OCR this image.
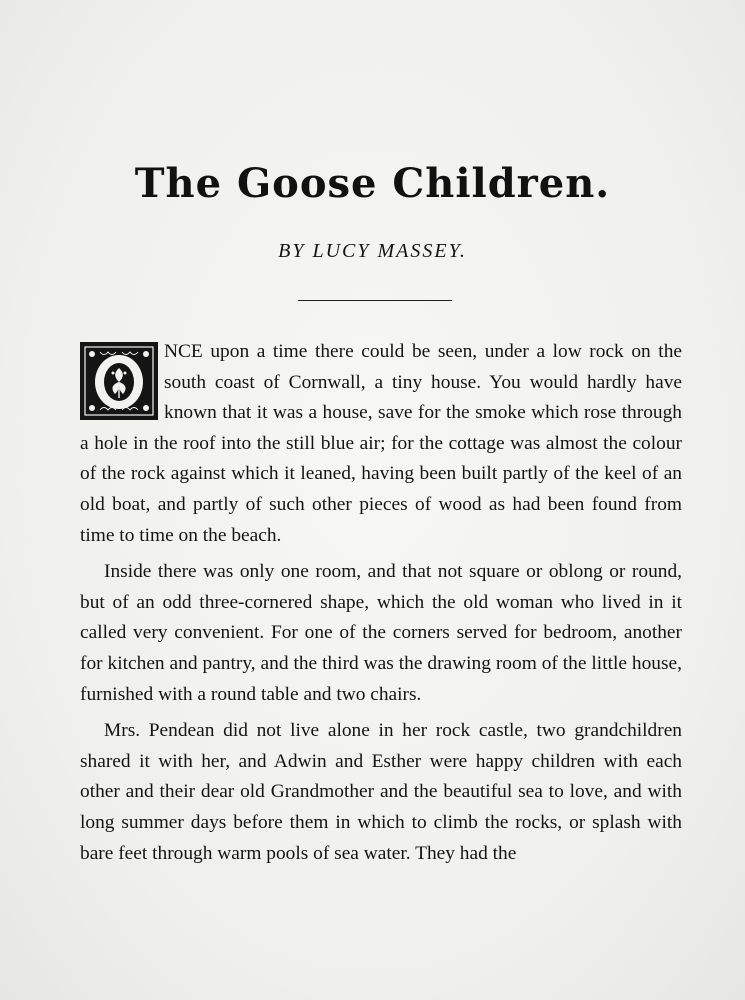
The Goose Children.
BY LUCY MASSEY.

NCE upon a time there could be seen, under a low rock on the south coast of Cornwall, a tiny house. You would hardly have known that it was a house, save for the smoke which rose through a hole in the roof into the still blue air; for the cottage was almost the colour of the rock against which it leaned, having been built partly of the keel of an old boat, and partly of such other pieces of wood as had been found from time to time on the beach.

Inside there was only one room, and that not square or oblong or round, but of an odd three-cornered shape, which the old woman who lived in it called very convenient. For one of the corners served for bedroom, another for kitchen and pantry, and the third was the drawing room of the little house, furnished with a round table and two chairs.

Mrs. Pendean did not live alone in her rock castle, two grandchildren shared it with her, and Adwin and Esther were happy children with each other and their dear old Grandmother and the beautiful sea to love, and with long summer days before them in which to climb the rocks, or splash with bare feet through warm pools of sea water. They had the
